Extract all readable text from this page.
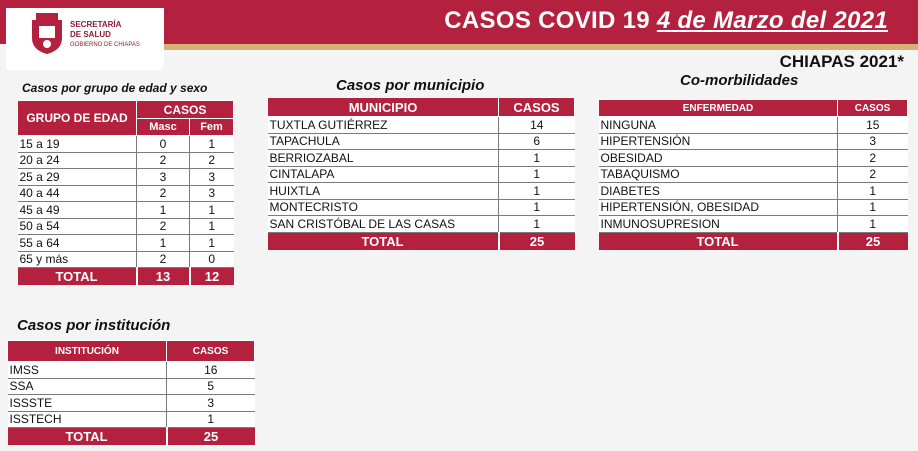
CASOS COVID 19 4 de Marzo del 2021
SECRETARÍA
DE SALUD
GOBIERNO DE CHIAPAS
CHIAPAS 2021*
Casos por grupo de edad y sexo
GRUPO DE EDAD	CASOS	
	Masc	Fem
15 a 19	0	1
20 a 24	2	2
25 a 29	3	3
40 a 44	2	3
45 a 49	1	1
50 a 54	2	1
55 a 64	1	1
65 y más	2	0
TOTAL	13	12
Casos por municipio
MUNICIPIO	CASOS
TUXTLA GUTIÉRREZ	14
TAPACHULA	6
BERRIOZABAL	1
CINTALAPA	1
HUIXTLA	1
MONTECRISTO	1
SAN CRISTÓBAL DE LAS CASAS	1
TOTAL	25
Co-morbilidades
ENFERMEDAD	CASOS
NINGUNA	15
HIPERTENSIÓN	3
OBESIDAD	2
TABAQUISMO	2
DIABETES	1
HIPERTENSIÓN, OBESIDAD	1
INMUNOSUPRESION	1
TOTAL	25
Casos por institución
INSTITUCIÓN	CASOS
IMSS	16
SSA	5
ISSSTE	3
ISSTECH	1
TOTAL	25
